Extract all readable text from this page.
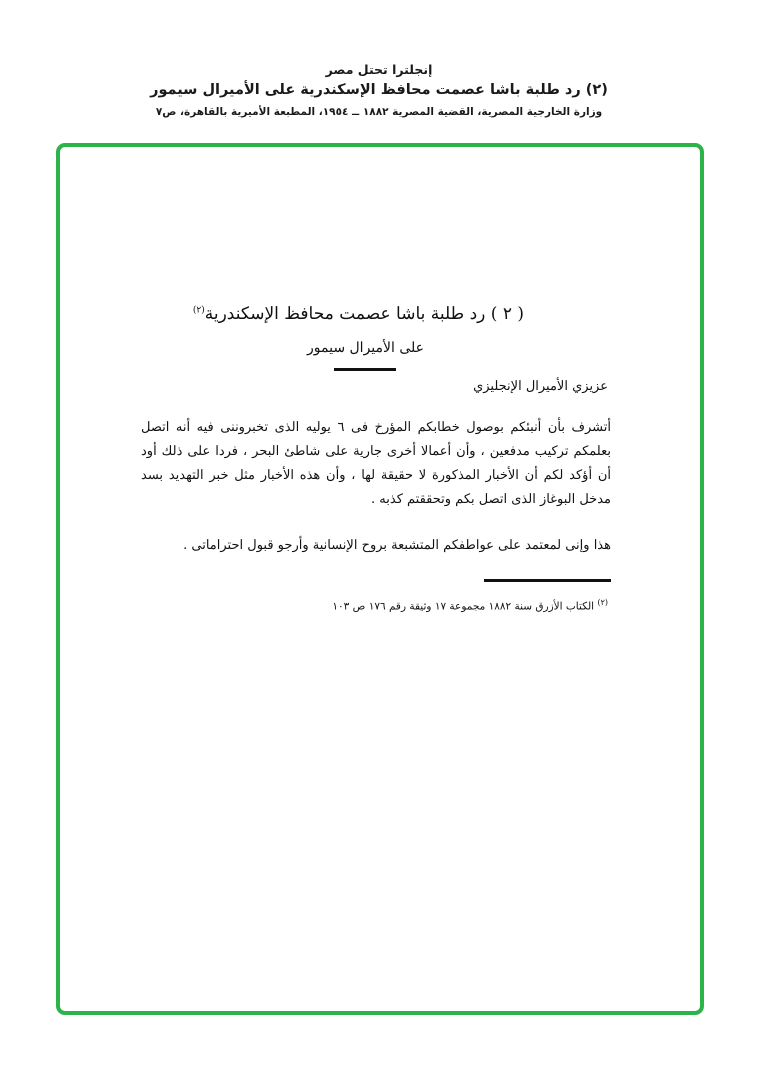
إنجلترا تحتل مصر
(٢) رد طلبة باشا عصمت محافظ الإسكندرية على الأميرال سيمور
وزارة الخارجية المصرية، القضية المصرية ١٨٨٢ ــ ١٩٥٤، المطبعة الأميرية بالقاهرة، ص٧
( ٢ ) رد طلبة باشا عصمت محافظ الإسكندرية$^{(٢)}$
على الأميرال سيمور
عزيزي الأميرال الإنجليزي
أتشرف بأن أنبئكم بوصول خطابكم المؤرخ فى ٦ يوليه الذى تخبروننى فيه أنه اتصل بعلمكم تركيب مدفعين ، وأن أعمالا أخرى جارية على شاطئ البحر ، فردا على ذلك أود أن أؤكد لكم أن الأخبار المذكورة لا حقيقة لها ، وأن هذه الأخبار مثل خبر التهديد بسد مدخل البوغاز الذى اتصل بكم وتحققتم كذبه .
هذا وإنى لمعتمد على عواطفكم المتشبعة بروح الإنسانية وأرجو قبول احتراماتى .
$^{(٢)}$ الكتاب الأزرق سنة ١٨٨٢ مجموعة ١٧ وثيقة رقم ١٧٦ ص ١٠٣
